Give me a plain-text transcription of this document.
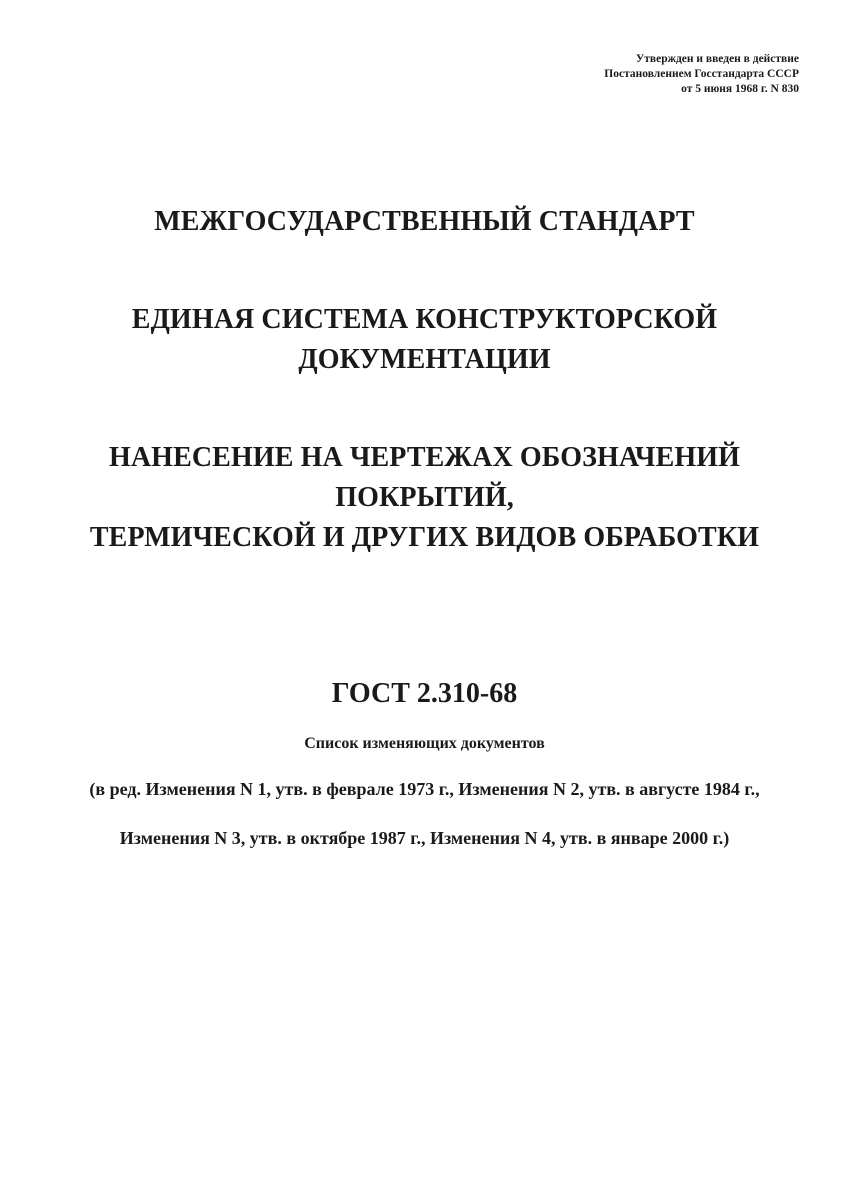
Утвержден и введен в действие
Постановлением Госстандарта СССР
от 5 июня 1968 г. N 830
МЕЖГОСУДАРСТВЕННЫЙ СТАНДАРТ
ЕДИНАЯ СИСТЕМА КОНСТРУКТОРСКОЙ
ДОКУМЕНТАЦИИ
НАНЕСЕНИЕ НА ЧЕРТЕЖАХ ОБОЗНАЧЕНИЙ
ПОКРЫТИЙ,
ТЕРМИЧЕСКОЙ И ДРУГИХ ВИДОВ ОБРАБОТКИ
ГОСТ 2.310-68
Список изменяющих документов
(в ред. Изменения N 1, утв. в феврале 1973 г., Изменения N 2, утв. в августе 1984 г.,
Изменения N 3, утв. в октябре 1987 г., Изменения N 4, утв. в январе 2000 г.)
